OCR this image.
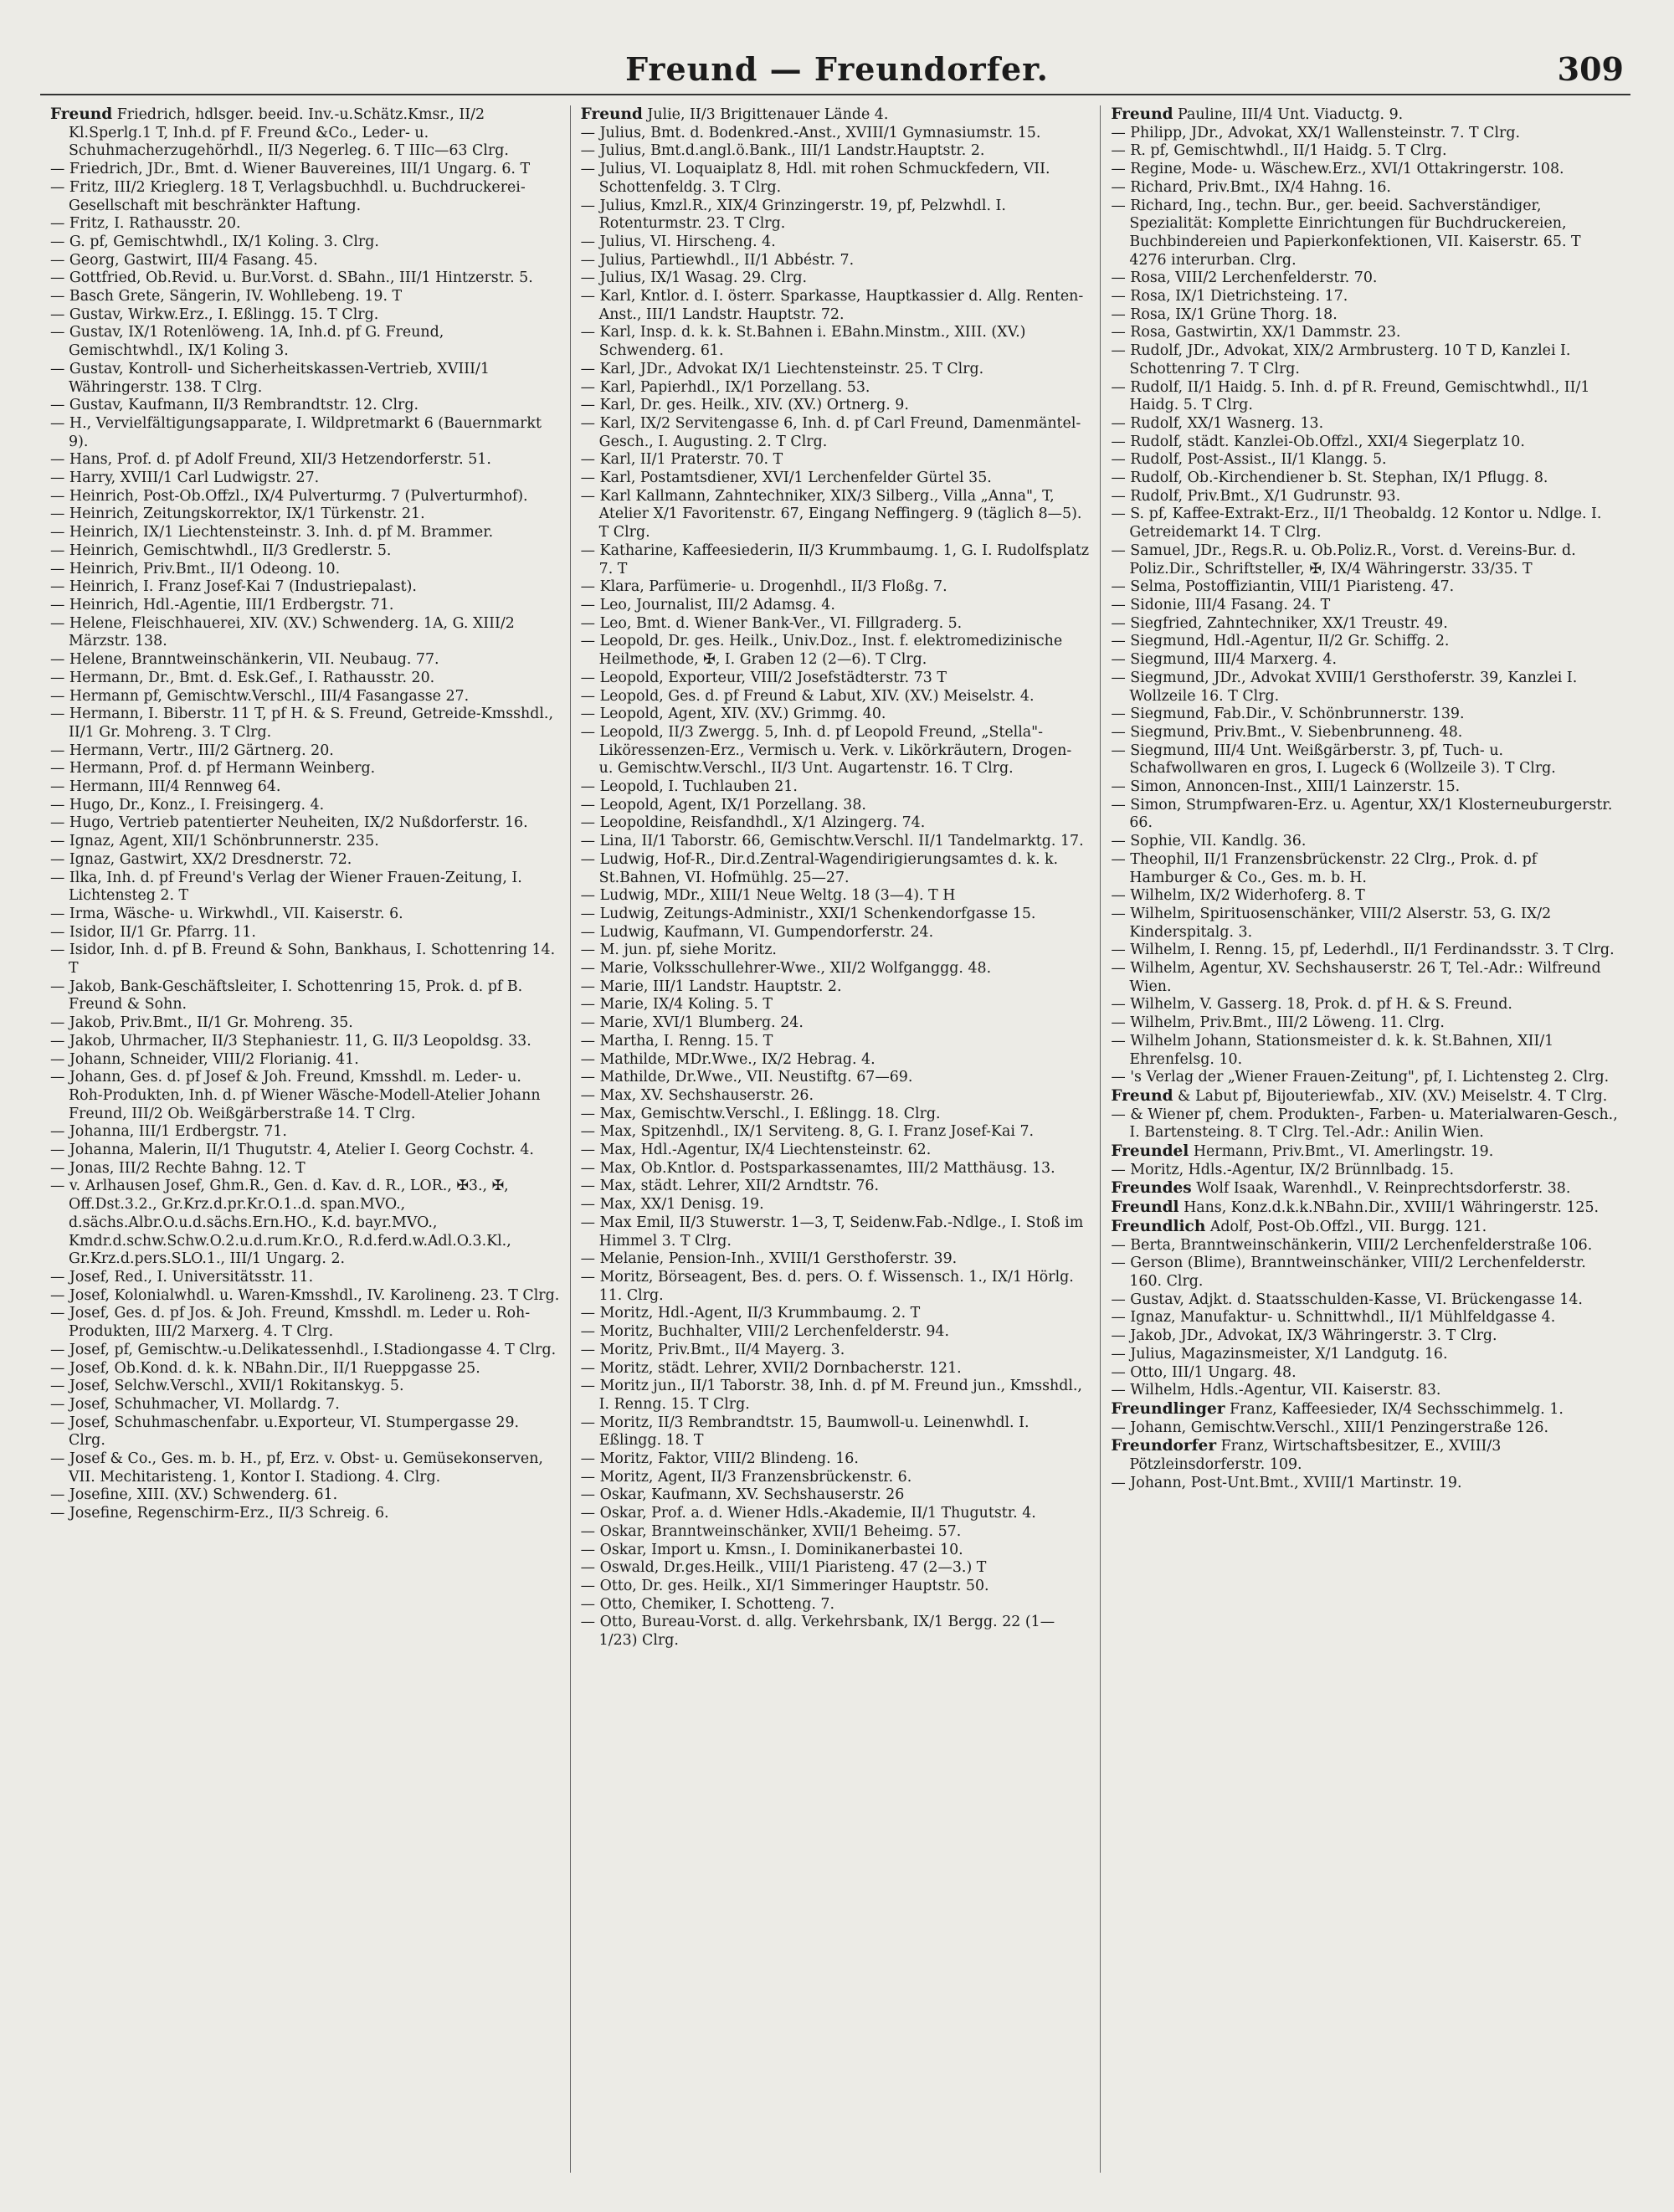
Freund — Freundorfer.	309

Freund Friedrich, hdlsger. beeid. Inv.-u.Schätz.Kmsr., II/2 Kl.Sperlg.1 T, Inh.d. pf F. Freund &Co., Leder- u. Schuhmacherzugehörhdl., II/3 Negerleg. 6. T IIIc—63 Clrg.

— Friedrich, JDr., Bmt. d. Wiener Bauvereines, III/1 Ungarg. 6. T

— Fritz, III/2 Krieglerg. 18 T, Verlagsbuchhdl. u. Buchdruckerei-Gesellschaft mit beschränkter Haftung.

— Fritz, I. Rathausstr. 20.

— G. pf, Gemischtwhdl., IX/1 Koling. 3. Clrg.

— Georg, Gastwirt, III/4 Fasang. 45.

— Gottfried, Ob.Revid. u. Bur.Vorst. d. SBahn., III/1 Hintzerstr. 5.

— Basch Grete, Sängerin, IV. Wohllebeng. 19. T

— Gustav, Wirkw.Erz., I. Eßlingg. 15. T Clrg.

— Gustav, IX/1 Rotenlöweng. 1A, Inh.d. pf G. Freund, Gemischtwhdl., IX/1 Koling 3.

— Gustav, Kontroll- und Sicherheitskassen-Vertrieb, XVIII/1 Währingerstr. 138. T Clrg.

— Gustav, Kaufmann, II/3 Rembrandtstr. 12. Clrg.

— H., Vervielfältigungsapparate, I. Wildpretmarkt 6 (Bauernmarkt 9).

— Hans, Prof. d. pf Adolf Freund, XII/3 Hetzendorferstr. 51.

— Harry, XVIII/1 Carl Ludwigstr. 27.

— Heinrich, Post-Ob.Offzl., IX/4 Pulverturmg. 7 (Pulverturmhof).

— Heinrich, Zeitungskorrektor, IX/1 Türkenstr. 21.

— Heinrich, IX/1 Liechtensteinstr. 3. Inh. d. pf M. Brammer.

— Heinrich, Gemischtwhdl., II/3 Gredlerstr. 5.

— Heinrich, Priv.Bmt., II/1 Odeong. 10.

— Heinrich, I. Franz Josef-Kai 7 (Industriepalast).

— Heinrich, Hdl.-Agentie, III/1 Erdbergstr. 71.

— Helene, Fleischhauerei, XIV. (XV.) Schwenderg. 1A, G. XIII/2 Märzstr. 138.

— Helene, Branntweinschänkerin, VII. Neubaug. 77.

— Hermann, Dr., Bmt. d. Esk.Gef., I. Rathausstr. 20.

— Hermann pf, Gemischtw.Verschl., III/4 Fasangasse 27.

— Hermann, I. Biberstr. 11 T, pf H. & S. Freund, Getreide-Kmsshdl., II/1 Gr. Mohreng. 3. T Clrg.

— Hermann, Vertr., III/2 Gärtnerg. 20.

— Hermann, Prof. d. pf Hermann Weinberg.

— Hermann, III/4 Rennweg 64.

— Hugo, Dr., Konz., I. Freisingerg. 4.

— Hugo, Vertrieb patentierter Neuheiten, IX/2 Nußdorferstr. 16.

— Ignaz, Agent, XII/1 Schönbrunnerstr. 235.

— Ignaz, Gastwirt, XX/2 Dresdnerstr. 72.

— Ilka, Inh. d. pf Freund's Verlag der Wiener Frauen-Zeitung, I. Lichtensteg 2. T

— Irma, Wäsche- u. Wirkwhdl., VII. Kaiserstr. 6.

— Isidor, II/1 Gr. Pfarrg. 11.

— Isidor, Inh. d. pf B. Freund & Sohn, Bankhaus, I. Schottenring 14. T

— Jakob, Bank-Geschäftsleiter, I. Schottenring 15, Prok. d. pf B. Freund & Sohn.

— Jakob, Priv.Bmt., II/1 Gr. Mohreng. 35.

— Jakob, Uhrmacher, II/3 Stephaniestr. 11, G. II/3 Leopoldsg. 33.

— Johann, Schneider, VIII/2 Florianig. 41.

— Johann, Ges. d. pf Josef & Joh. Freund, Kmsshdl. m. Leder- u. Roh-Produkten, Inh. d. pf Wiener Wäsche-Modell-Atelier Johann Freund, III/2 Ob. Weißgärberstraße 14. T Clrg.

— Johanna, III/1 Erdbergstr. 71.

— Johanna, Malerin, II/1 Thugutstr. 4, Atelier I. Georg Cochstr. 4.

— Jonas, III/2 Rechte Bahng. 12. T

— v. Arlhausen Josef, Ghm.R., Gen. d. Kav. d. R., LOR., ✠3., ✠, Off.Dst.3.2., Gr.Krz.d.pr.Kr.O.1..d. span.MVO., d.sächs.Albr.O.u.d.sächs.Ern.HO., K.d. bayr.MVO., Kmdr.d.schw.Schw.O.2.u.d.rum.Kr.O., R.d.ferd.w.Adl.O.3.Kl., Gr.Krz.d.pers.SLO.1., III/1 Ungarg. 2.

— Josef, Red., I. Universitätsstr. 11.

— Josef, Kolonialwhdl. u. Waren-Kmsshdl., IV. Karolineng. 23. T Clrg.

— Josef, Ges. d. pf Jos. & Joh. Freund, Kmsshdl. m. Leder u. Roh-Produkten, III/2 Marxerg. 4. T Clrg.

— Josef, pf, Gemischtw.-u.Delikatessenhdl., I.Stadiongasse 4. T Clrg.

— Josef, Ob.Kond. d. k. k. NBahn.Dir., II/1 Rueppgasse 25.

— Josef, Selchw.Verschl., XVII/1 Rokitanskyg. 5.

— Josef, Schuhmacher, VI. Mollardg. 7.

— Josef, Schuhmaschenfabr. u.Exporteur, VI. Stumpergasse 29. Clrg.

— Josef & Co., Ges. m. b. H., pf, Erz. v. Obst- u. Gemüsekonserven, VII. Mechitaristeng. 1, Kontor I. Stadiong. 4. Clrg.

— Josefine, XIII. (XV.) Schwenderg. 61.

— Josefine, Regenschirm-Erz., II/3 Schreig. 6.

Freund Julie, II/3 Brigittenauer Lände 4.

— Julius, Bmt. d. Bodenkred.-Anst., XVIII/1 Gymnasiumstr. 15.

— Julius, Bmt.d.angl.ö.Bank., III/1 Landstr.Hauptstr. 2.

— Julius, VI. Loquaiplatz 8, Hdl. mit rohen Schmuckfedern, VII. Schottenfeldg. 3. T Clrg.

— Julius, Kmzl.R., XIX/4 Grinzingerstr. 19, pf, Pelzwhdl. I. Rotenturmstr. 23. T Clrg.

— Julius, VI. Hirscheng. 4.

— Julius, Partiewhdl., II/1 Abbéstr. 7.

— Julius, IX/1 Wasag. 29. Clrg.

— Karl, Kntlor. d. I. österr. Sparkasse, Hauptkassier d. Allg. Renten-Anst., III/1 Landstr. Hauptstr. 72.

— Karl, Insp. d. k. k. St.Bahnen i. EBahn.Minstm., XIII. (XV.) Schwenderg. 61.

— Karl, JDr., Advokat IX/1 Liechtensteinstr. 25. T Clrg.

— Karl, Papierhdl., IX/1 Porzellang. 53.

— Karl, Dr. ges. Heilk., XIV. (XV.) Ortnerg. 9.

— Karl, IX/2 Servitengasse 6, Inh. d. pf Carl Freund, Damenmäntel-Gesch., I. Augusting. 2. T Clrg.

— Karl, II/1 Praterstr. 70. T

— Karl, Postamtsdiener, XVI/1 Lerchenfelder Gürtel 35.

— Karl Kallmann, Zahntechniker, XIX/3 Silberg., Villa „Anna", T, Atelier X/1 Favoritenstr. 67, Eingang Neffingerg. 9 (täglich 8—5). T Clrg.

— Katharine, Kaffeesiederin, II/3 Krummbaumg. 1, G. I. Rudolfsplatz 7. T

— Klara, Parfümerie- u. Drogenhdl., II/3 Floßg. 7.

— Leo, Journalist, III/2 Adamsg. 4.

— Leo, Bmt. d. Wiener Bank-Ver., VI. Fillgraderg. 5.

— Leopold, Dr. ges. Heilk., Univ.Doz., Inst. f. elektromedizinische Heilmethode, ✠, I. Graben 12 (2—6). T Clrg.

— Leopold, Exporteur, VIII/2 Josefstädterstr. 73 T

— Leopold, Ges. d. pf Freund & Labut, XIV. (XV.) Meiselstr. 4.

— Leopold, Agent, XIV. (XV.) Grimmg. 40.

— Leopold, II/3 Zwergg. 5, Inh. d. pf Leopold Freund, „Stella"-Liköressenzen-Erz., Vermisch u. Verk. v. Likörkräutern, Drogen- u. Gemischtw.Verschl., II/3 Unt. Augartenstr. 16. T Clrg.

— Leopold, I. Tuchlauben 21.

— Leopold, Agent, IX/1 Porzellang. 38.

— Leopoldine, Reisfandhdl., X/1 Alzingerg. 74.

— Lina, II/1 Taborstr. 66, Gemischtw.Verschl. II/1 Tandelmarktg. 17.

— Ludwig, Hof-R., Dir.d.Zentral-Wagendirigierungsamtes d. k. k. St.Bahnen, VI. Hofmühlg. 25—27.

— Ludwig, MDr., XIII/1 Neue Weltg. 18 (3—4). T H

— Ludwig, Zeitungs-Administr., XXI/1 Schenkendorfgasse 15.

— Ludwig, Kaufmann, VI. Gumpendorferstr. 24.

— M. jun. pf, siehe Moritz.

— Marie, Volksschullehrer-Wwe., XII/2 Wolfganggg. 48.

— Marie, III/1 Landstr. Hauptstr. 2.

— Marie, IX/4 Koling. 5. T

— Marie, XVI/1 Blumberg. 24.

— Martha, I. Renng. 15. T

— Mathilde, MDr.Wwe., IX/2 Hebrag. 4.

— Mathilde, Dr.Wwe., VII. Neustiftg. 67—69.

— Max, XV. Sechshauserstr. 26.

— Max, Gemischtw.Verschl., I. Eßlingg. 18. Clrg.

— Max, Spitzenhdl., IX/1 Serviteng. 8, G. I. Franz Josef-Kai 7.

— Max, Hdl.-Agentur, IX/4 Liechtensteinstr. 62.

— Max, Ob.Kntlor. d. Postsparkassenamtes, III/2 Matthäusg. 13.

— Max, städt. Lehrer, XII/2 Arndtstr. 76.

— Max, XX/1 Denisg. 19.

— Max Emil, II/3 Stuwerstr. 1—3, T, Seidenw.Fab.-Ndlge., I. Stoß im Himmel 3. T Clrg.

— Melanie, Pension-Inh., XVIII/1 Gersthoferstr. 39.

— Moritz, Börseagent, Bes. d. pers. O. f. Wissensch. 1., IX/1 Hörlg. 11. Clrg.

— Moritz, Hdl.-Agent, II/3 Krummbaumg. 2. T

— Moritz, Buchhalter, VIII/2 Lerchenfelderstr. 94.

— Moritz, Priv.Bmt., II/4 Mayerg. 3.

— Moritz, städt. Lehrer, XVII/2 Dornbacherstr. 121.

— Moritz jun., II/1 Taborstr. 38, Inh. d. pf M. Freund jun., Kmsshdl., I. Renng. 15. T Clrg.

— Moritz, II/3 Rembrandtstr. 15, Baumwoll-u. Leinenwhdl. I. Eßlingg. 18. T

— Moritz, Faktor, VIII/2 Blindeng. 16.

— Moritz, Agent, II/3 Franzensbrückenstr. 6.

— Oskar, Kaufmann, XV. Sechshauserstr. 26

— Oskar, Prof. a. d. Wiener Hdls.-Akademie, II/1 Thugutstr. 4.

— Oskar, Branntweinschänker, XVII/1 Beheimg. 57.

— Oskar, Import u. Kmsn., I. Dominikanerbastei 10.

— Oswald, Dr.ges.Heilk., VIII/1 Piaristeng. 47 (2—3.) T

— Otto, Dr. ges. Heilk., XI/1 Simmeringer Hauptstr. 50.

— Otto, Chemiker, I. Schotteng. 7.

— Otto, Bureau-Vorst. d. allg. Verkehrsbank, IX/1 Bergg. 22 (1—1/23) Clrg.

Freund Pauline, III/4 Unt. Viaductg. 9.

— Philipp, JDr., Advokat, XX/1 Wallensteinstr. 7. T Clrg.

— R. pf, Gemischtwhdl., II/1 Haidg. 5. T Clrg.

— Regine, Mode- u. Wäschew.Erz., XVI/1 Ottakringerstr. 108.

— Richard, Priv.Bmt., IX/4 Hahng. 16.

— Richard, Ing., techn. Bur., ger. beeid. Sachverständiger, Spezialität: Komplette Einrichtungen für Buchdruckereien, Buchbindereien und Papierkonfektionen, VII. Kaiserstr. 65. T 4276 interurban. Clrg.

— Rosa, VIII/2 Lerchenfelderstr. 70.

— Rosa, IX/1 Dietrichsteing. 17.

— Rosa, IX/1 Grüne Thorg. 18.

— Rosa, Gastwirtin, XX/1 Dammstr. 23.

— Rudolf, JDr., Advokat, XIX/2 Armbrusterg. 10 T D, Kanzlei I. Schottenring 7. T Clrg.

— Rudolf, II/1 Haidg. 5. Inh. d. pf R. Freund, Gemischtwhdl., II/1 Haidg. 5. T Clrg.

— Rudolf, XX/1 Wasnerg. 13.

— Rudolf, städt. Kanzlei-Ob.Offzl., XXI/4 Siegerplatz 10.

— Rudolf, Post-Assist., II/1 Klangg. 5.

— Rudolf, Ob.-Kirchendiener b. St. Stephan, IX/1 Pflugg. 8.

— Rudolf, Priv.Bmt., X/1 Gudrunstr. 93.

— S. pf, Kaffee-Extrakt-Erz., II/1 Theobaldg. 12 Kontor u. Ndlge. I. Getreidemarkt 14. T Clrg.

— Samuel, JDr., Regs.R. u. Ob.Poliz.R., Vorst. d. Vereins-Bur. d. Poliz.Dir., Schriftsteller, ✠, IX/4 Währingerstr. 33/35. T

— Selma, Postoffiziantin, VIII/1 Piaristeng. 47.

— Sidonie, III/4 Fasang. 24. T

— Siegfried, Zahntechniker, XX/1 Treustr. 49.

— Siegmund, Hdl.-Agentur, II/2 Gr. Schiffg. 2.

— Siegmund, III/4 Marxerg. 4.

— Siegmund, JDr., Advokat XVIII/1 Gersthoferstr. 39, Kanzlei I. Wollzeile 16. T Clrg.

— Siegmund, Fab.Dir., V. Schönbrunnerstr. 139.

— Siegmund, Priv.Bmt., V. Siebenbrunneng. 48.

— Siegmund, III/4 Unt. Weißgärberstr. 3, pf, Tuch- u. Schafwollwaren en gros, I. Lugeck 6 (Wollzeile 3). T Clrg.

— Simon, Annoncen-Inst., XIII/1 Lainzerstr. 15.

— Simon, Strumpfwaren-Erz. u. Agentur, XX/1 Klosterneuburgerstr. 66.

— Sophie, VII. Kandlg. 36.

— Theophil, II/1 Franzensbrückenstr. 22 Clrg., Prok. d. pf Hamburger & Co., Ges. m. b. H.

— Wilhelm, IX/2 Widerhoferg. 8. T

— Wilhelm, Spirituosenschänker, VIII/2 Alserstr. 53, G. IX/2 Kinderspitalg. 3.

— Wilhelm, I. Renng. 15, pf, Lederhdl., II/1 Ferdinandsstr. 3. T Clrg.

— Wilhelm, Agentur, XV. Sechshauserstr. 26 T, Tel.-Adr.: Wilfreund Wien.

— Wilhelm, V. Gasserg. 18, Prok. d. pf H. & S. Freund.

— Wilhelm, Priv.Bmt., III/2 Löweng. 11. Clrg.

— Wilhelm Johann, Stationsmeister d. k. k. St.Bahnen, XII/1 Ehrenfelsg. 10.

— 's Verlag der „Wiener Frauen-Zeitung", pf, I. Lichtensteg 2. Clrg.

Freund & Labut pf, Bijouteriewfab., XIV. (XV.) Meiselstr. 4. T Clrg.

— & Wiener pf, chem. Produkten-, Farben- u. Materialwaren-Gesch., I. Bartensteing. 8. T Clrg. Tel.-Adr.: Anilin Wien.

Freundel Hermann, Priv.Bmt., VI. Amerlingstr. 19.

— Moritz, Hdls.-Agentur, IX/2 Brünnlbadg. 15.

Freundes Wolf Isaak, Warenhdl., V. Reinprechtsdorferstr. 38.

Freundl Hans, Konz.d.k.k.NBahn.Dir., XVIII/1 Währingerstr. 125.

Freundlich Adolf, Post-Ob.Offzl., VII. Burgg. 121.

— Berta, Branntweinschänkerin, VIII/2 Lerchenfelderstraße 106.

— Gerson (Blime), Branntweinschänker, VIII/2 Lerchenfelderstr. 160. Clrg.

— Gustav, Adjkt. d. Staatsschulden-Kasse, VI. Brückengasse 14.

— Ignaz, Manufaktur- u. Schnittwhdl., II/1 Mühlfeldgasse 4.

— Jakob, JDr., Advokat, IX/3 Währingerstr. 3. T Clrg.

— Julius, Magazinsmeister, X/1 Landgutg. 16.

— Otto, III/1 Ungarg. 48.

— Wilhelm, Hdls.-Agentur, VII. Kaiserstr. 83.

Freundlinger Franz, Kaffeesieder, IX/4 Sechsschimmelg. 1.

— Johann, Gemischtw.Verschl., XIII/1 Penzingerstraße 126.

Freundorfer Franz, Wirtschaftsbesitzer, E., XVIII/3 Pötzleinsdorferstr. 109.

— Johann, Post-Unt.Bmt., XVIII/1 Martinstr. 19.
